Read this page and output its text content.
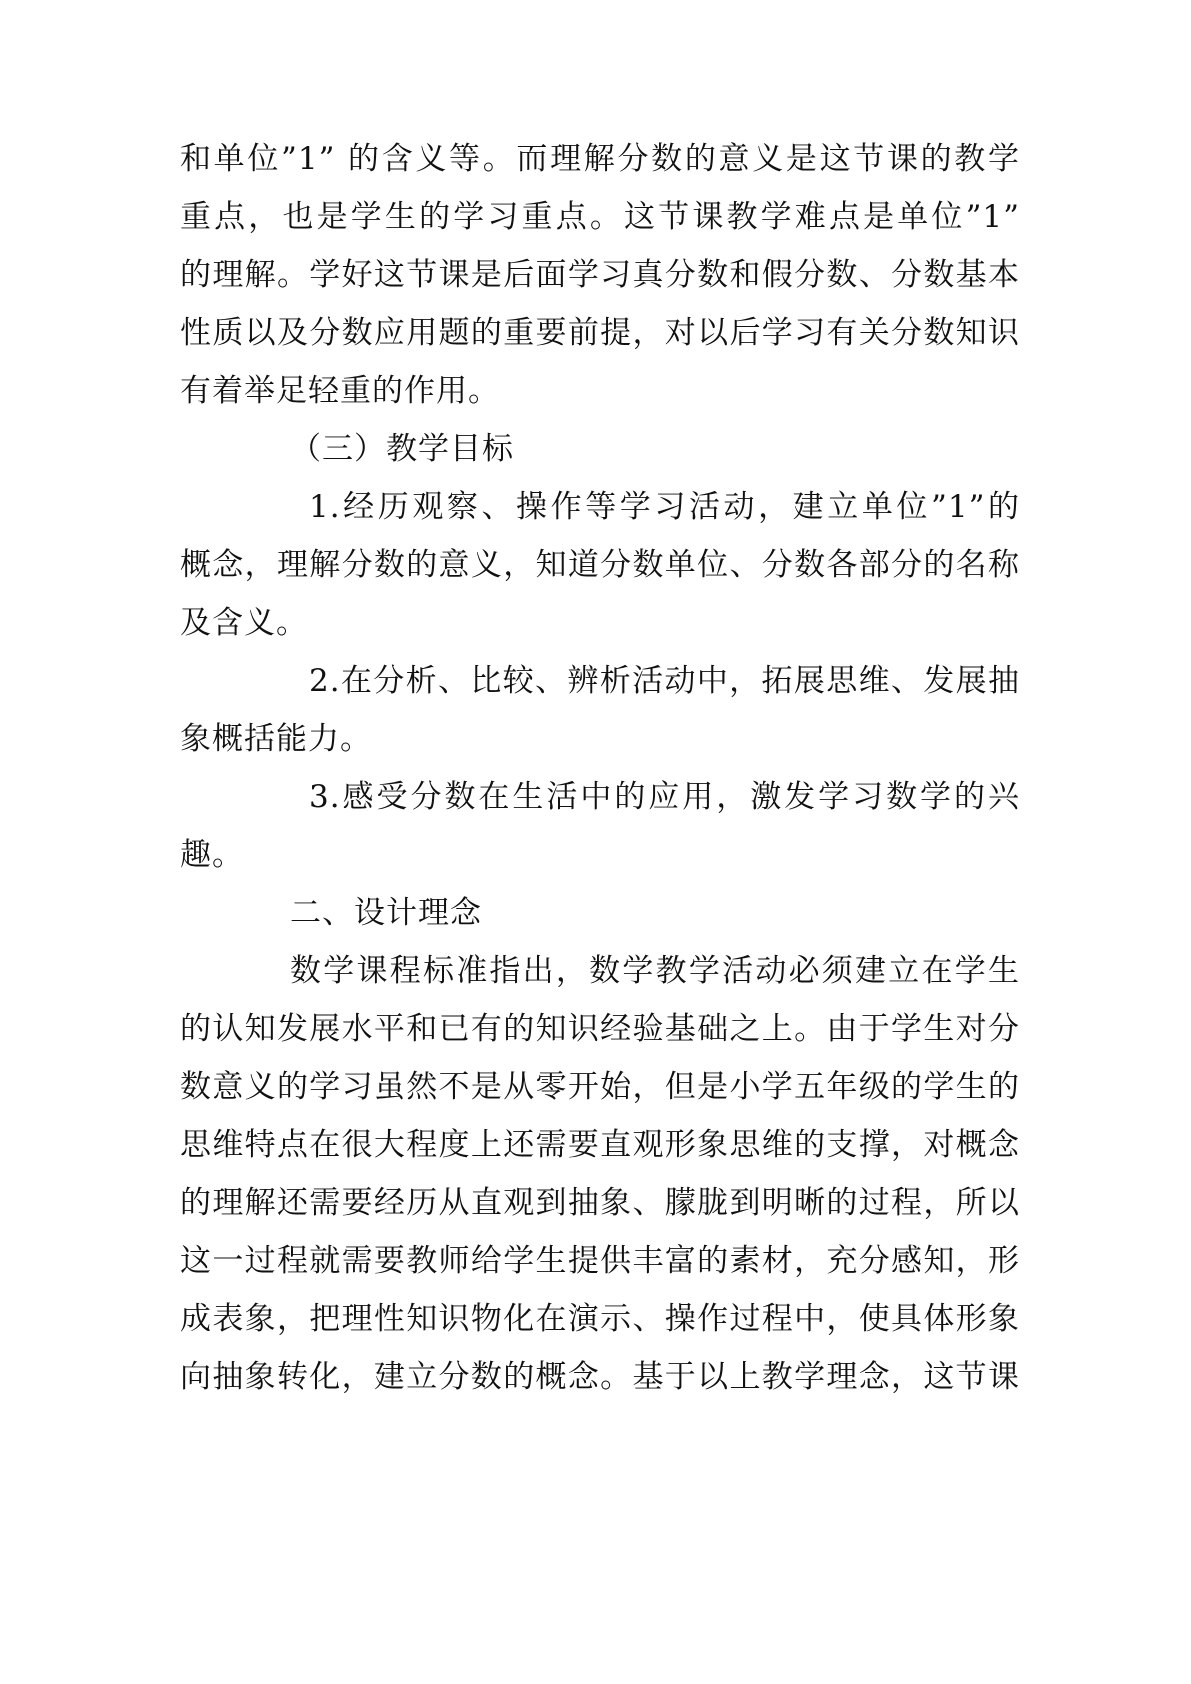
和单位”1” 的含义等。而理解分数的意义是这节课的教学
重点，也是学生的学习重点。这节课教学难点是单位”1”
的理解。学好这节课是后面学习真分数和假分数、分数基本
性质以及分数应用题的重要前提，对以后学习有关分数知识
有着举足轻重的作用。
（三）教学目标
1.经历观察、操作等学习活动，建立单位”1”的
概念，理解分数的意义，知道分数单位、分数各部分的名称
及含义。
2.在分析、比较、辨析活动中，拓展思维、发展抽
象概括能力。
3.感受分数在生活中的应用，激发学习数学的兴
趣。
二、设计理念
数学课程标准指出，数学教学活动必须建立在学生
的认知发展水平和已有的知识经验基础之上。由于学生对分
数意义的学习虽然不是从零开始，但是小学五年级的学生的
思维特点在很大程度上还需要直观形象思维的支撑，对概念
的理解还需要经历从直观到抽象、朦胧到明晰的过程，所以
这一过程就需要教师给学生提供丰富的素材，充分感知，形
成表象，把理性知识物化在演示、操作过程中，使具体形象
向抽象转化，建立分数的概念。基于以上教学理念，这节课
